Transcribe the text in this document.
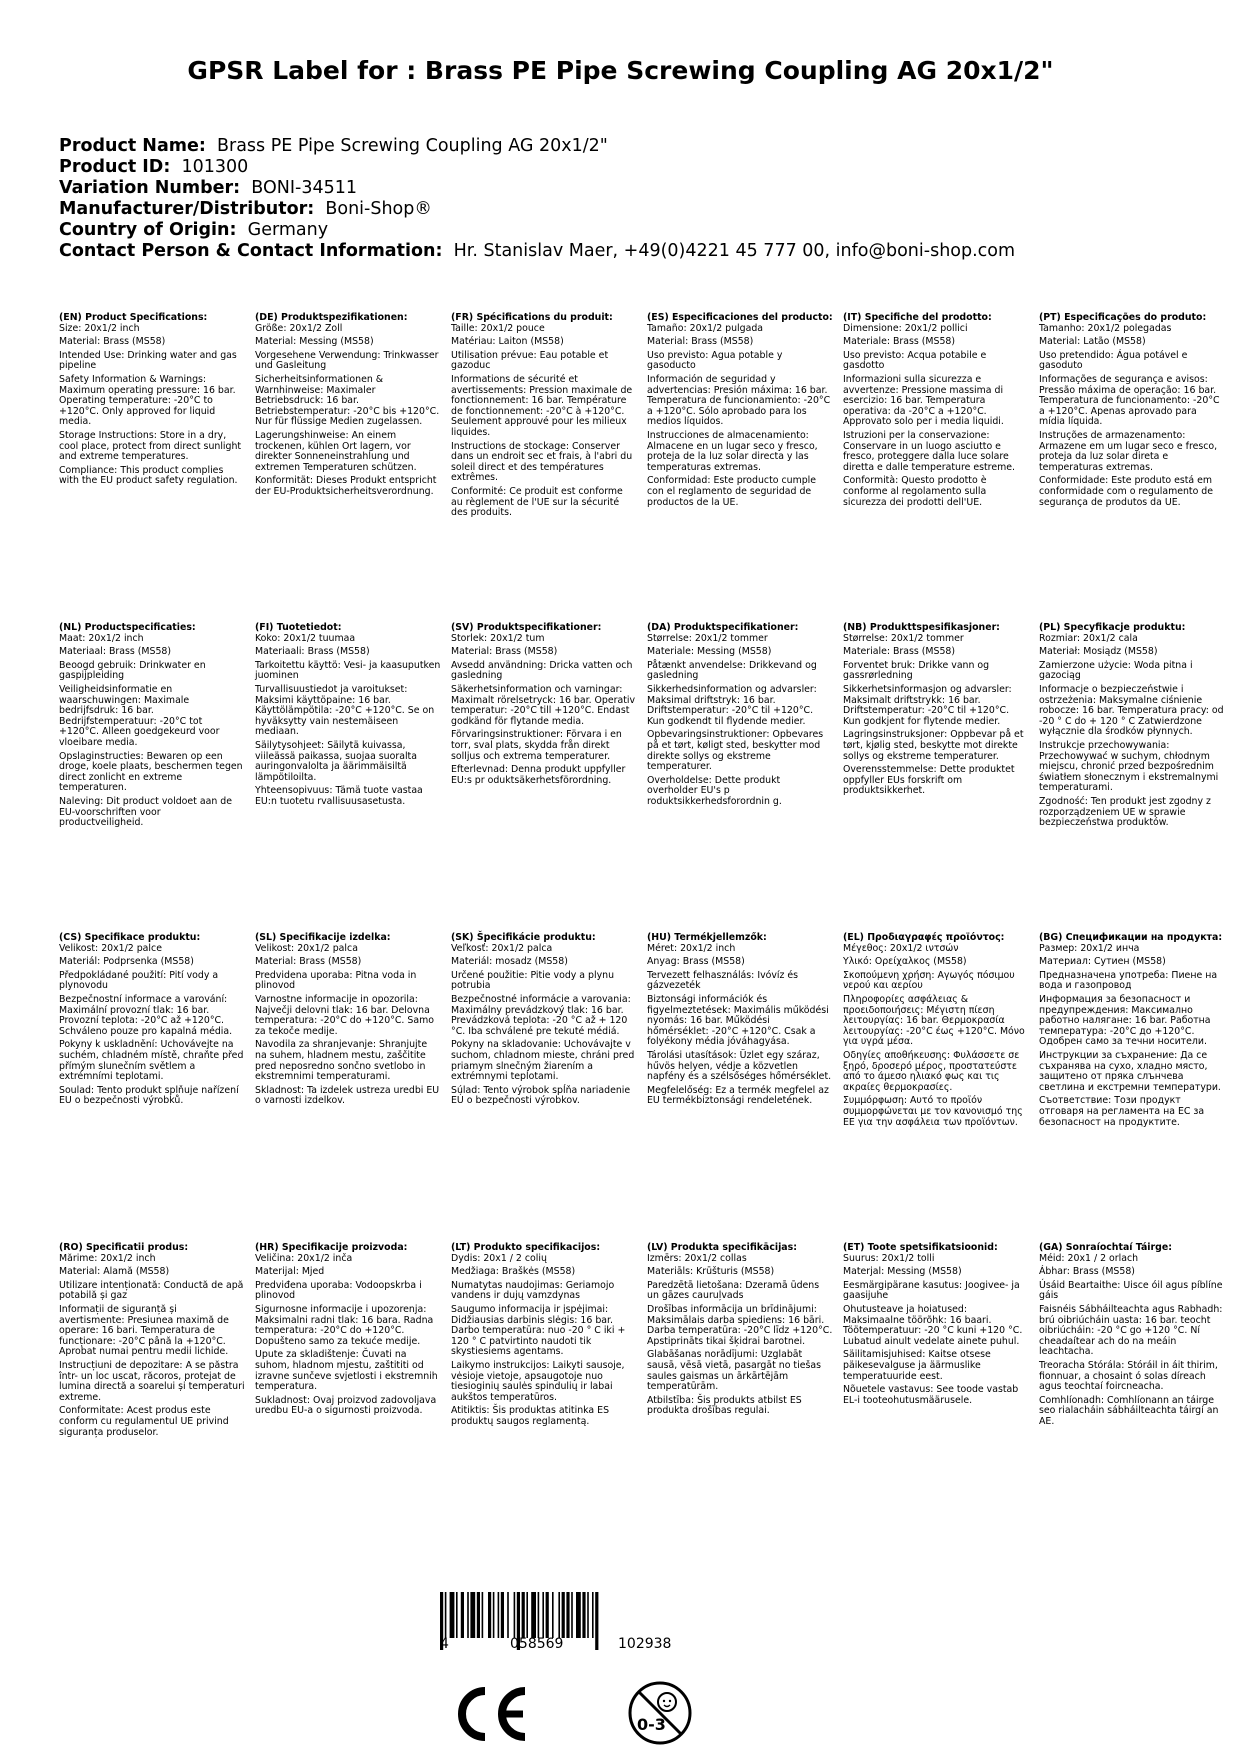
GPSR Label for : Brass PE Pipe Screwing Coupling AG 20x1/2"
Product Name: Brass PE Pipe Screwing Coupling AG 20x1/2"
Product ID: 101300
Variation Number: BONI-34511
Manufacturer/Distributor: Boni-Shop®
Country of Origin: Germany
Contact Person & Contact Information: Hr. Stanislav Maer, +49(0)4221 45 777 00, info@boni-shop.com
(EN) Product Specifications:
Size: 20x1/2 inch
Material: Brass (MS58)
Intended Use: Drinking water and gas pipeline
Safety Information & Warnings: Maximum operating pressure: 16 bar. Operating temperature: -20°C to +120°C. Only approved for liquid media.
Storage Instructions: Store in a dry, cool place, protect from direct sunlight and extreme temperatures.
Compliance: This product complies with the EU product safety regulation.
(DE) Produktspezifikationen:
Größe: 20x1/2 Zoll
Material: Messing (MS58)
Vorgesehene Verwendung: Trinkwasser und Gasleitung
Sicherheitsinformationen & Warnhinweise: Maximaler Betriebsdruck: 16 bar. Betriebstemperatur: -20°C bis +120°C. Nur für flüssige Medien zugelassen.
Lagerungshinweise: An einem trockenen, kühlen Ort lagern, vor direkter Sonneneinstrahlung und extremen Temperaturen schützen.
Konformität: Dieses Produkt entspricht der EU-Produktsicherheitsverordnung.
(FR) Spécifications du produit:
Taille: 20x1/2 pouce
Matériau: Laiton (MS58)
Utilisation prévue: Eau potable et gazoduc
Informations de sécurité et avertissements: Pression maximale de fonctionnement: 16 bar. Température de fonctionnement: -20°C à +120°C. Seulement approuvé pour les milieux liquides.
Instructions de stockage: Conserver dans un endroit sec et frais, à l'abri du soleil direct et des températures extrêmes.
Conformité: Ce produit est conforme au règlement de l'UE sur la sécurité des produits.
(ES) Especificaciones del producto:
Tamaño: 20x1/2 pulgada
Material: Brass (MS58)
Uso previsto: Agua potable y gasoducto
Información de seguridad y advertencias: Presión máxima: 16 bar. Temperatura de funcionamiento: -20°C a +120°C. Sólo aprobado para los medios líquidos.
Instrucciones de almacenamiento: Almacene en un lugar seco y fresco, proteja de la luz solar directa y las temperaturas extremas.
Conformidad: Este producto cumple con el reglamento de seguridad de productos de la UE.
(IT) Specifiche del prodotto:
Dimensione: 20x1/2 pollici
Materiale: Brass (MS58)
Uso previsto: Acqua potabile e gasdotto
Informazioni sulla sicurezza e avvertenze: Pressione massima di esercizio: 16 bar. Temperatura operativa: da -20°C a +120°C. Approvato solo per i media liquidi.
Istruzioni per la conservazione: Conservare in un luogo asciutto e fresco, proteggere dalla luce solare diretta e dalle temperature estreme.
Conformità: Questo prodotto è conforme al regolamento sulla sicurezza dei prodotti dell'UE.
(PT) Especificações do produto:
Tamanho: 20x1/2 polegadas
Material: Latão (MS58)
Uso pretendido: Água potável e gasoduto
Informações de segurança e avisos: Pressão máxima de operação: 16 bar. Temperatura de funcionamento: -20°C a +120°C. Apenas aprovado para mídia líquida.
Instruções de armazenamento: Armazene em um lugar seco e fresco, proteja da luz solar direta e temperaturas extremas.
Conformidade: Este produto está em conformidade com o regulamento de segurança de produtos da UE.
(NL) Productspecificaties:
Maat: 20x1/2 inch
Materiaal: Brass (MS58)
Beoogd gebruik: Drinkwater en gaspijpleiding
Veiligheidsinformatie en waarschuwingen: Maximale bedrijfsdruk: 16 bar. Bedrijfstemperatuur: -20°C tot +120°C. Alleen goedgekeurd voor vloeibare media.
Opslaginstructies: Bewaren op een droge, koele plaats, beschermen tegen direct zonlicht en extreme temperaturen.
Naleving: Dit product voldoet aan de EU-voorschriften voor productveiligheid.
(FI) Tuotetiedot:
Koko: 20x1/2 tuumaa
Materiaali: Brass (MS58)
Tarkoitettu käyttö: Vesi- ja kaasuputken juominen
Turvallisuustiedot ja varoitukset: Maksimi käyttöpaine: 16 bar. Käyttölämpötila: -20°C +120°C. Se on hyväksytty vain nestemäiseen mediaan.
Säilytysohjeet: Säilytä kuivassa, viileässä paikassa, suojaa suoralta auringonvalolta ja äärimmäisiltä lämpötiloilta.
Yhteensopivuus: Tämä tuote vastaa EU:n tuotetu rvallisuusasetusta.
(SV) Produktspecifikationer:
Storlek: 20x1/2 tum
Material: Brass (MS58)
Avsedd användning: Dricka vatten och gasledning
Säkerhetsinformation och varningar: Maximalt rörelsetryck: 16 bar. Operativ temperatur: -20°C till +120°C. Endast godkänd för flytande media.
Förvaringsinstruktioner: Förvara i en torr, sval plats, skydda från direkt solljus och extrema temperaturer.
Efterlevnad: Denna produkt uppfyller EU:s pr oduktsäkerhetsförordning.
(DA) Produktspecifikationer:
Størrelse: 20x1/2 tommer
Materiale: Messing (MS58)
Påtænkt anvendelse: Drikkevand og gasledning
Sikkerhedsinformation og advarsler: Maksimal driftstryk: 16 bar. Driftstemperatur: -20°C til +120°C. Kun godkendt til flydende medier.
Opbevaringsinstruktioner: Opbevares på et tørt, køligt sted, beskytter mod direkte sollys og ekstreme temperaturer.
Overholdelse: Dette produkt overholder EU's p roduktsikkerhedsforordnin g.
(NB) Produkttspesifikasjoner:
Størrelse: 20x1/2 tommer
Materiale: Brass (MS58)
Forventet bruk: Drikke vann og gassrørledning
Sikkerhetsinformasjon og advarsler: Maksimalt driftstrykk: 16 bar. Driftstemperatur: -20°C til +120°C. Kun godkjent for flytende medier.
Lagringsinstruksjoner: Oppbevar på et tørt, kjølig sted, beskytte mot direkte sollys og ekstreme temperaturer.
Overensstemmelse: Dette produktet oppfyller EUs forskrift om produktsikkerhet.
(PL) Specyfikacje produktu:
Rozmiar: 20x1/2 cala
Materiał: Mosiądz (MS58)
Zamierzone użycie: Woda pitna i gazociąg
Informacje o bezpieczeństwie i ostrzeżenia: Maksymalne ciśnienie robocze: 16 bar. Temperatura pracy: od -20 ° C do + 120 ° C Zatwierdzone wyłącznie dla środków płynnych.
Instrukcje przechowywania: Przechowywać w suchym, chłodnym miejscu, chronić przed bezpośrednim światłem słonecznym i ekstremalnymi temperaturami.
Zgodność: Ten produkt jest zgodny z rozporządzeniem UE w sprawie bezpieczeństwa produktów.
(CS) Specifikace produktu:
Velikost: 20x1/2 palce
Materiál: Podprsenka (MS58)
Předpokládané použití: Pití vody a plynovodu
Bezpečnostní informace a varování: Maximální provozní tlak: 16 bar. Provozní teplota: -20°C až +120°C. Schváleno pouze pro kapalná média.
Pokyny k uskladnění: Uchovávejte na suchém, chladném místě, chraňte před přímým slunečním světlem a extrémními teplotami.
Soulad: Tento produkt splňuje nařízení EU o bezpečnosti výrobků.
(SL) Specifikacije izdelka:
Velikost: 20x1/2 palca
Material: Brass (MS58)
Predvidena uporaba: Pitna voda in plinovod
Varnostne informacije in opozorila: Največji delovni tlak: 16 bar. Delovna temperatura: -20°C do +120°C. Samo za tekoče medije.
Navodila za shranjevanje: Shranjujte na suhem, hladnem mestu, zaščitite pred neposredno sončno svetlobo in ekstremnimi temperaturami.
Skladnost: Ta izdelek ustreza uredbi EU o varnosti izdelkov.
(SK) Špecifikácie produktu:
Veľkosť: 20x1/2 palca
Materiál: mosadz (MS58)
Určené použitie: Pitie vody a plynu potrubia
Bezpečnostné informácie a varovania: Maximálny prevádzkový tlak: 16 bar. Prevádzková teplota: -20 °C až + 120 °C. Iba schválené pre tekuté médiá.
Pokyny na skladovanie: Uchovávajte v suchom, chladnom mieste, chráni pred priamym slnečným žiarením a extrémnymi teplotami.
Súlad: Tento výrobok spĺňa nariadenie EÚ o bezpečnosti výrobkov.
(HU) Termékjellemzők:
Méret: 20x1/2 inch
Anyag: Brass (MS58)
Tervezett felhasználás: Ivóvíz és gázvezeték
Biztonsági információk és figyelmeztetések: Maximális működési nyomás: 16 bar. Működési hőmérséklet: -20°C +120°C. Csak a folyékony média jóváhagyása.
Tárolási utasítások: Üzlet egy száraz, hűvös helyen, védje a közvetlen napfény és a szélsőséges hőmérséklet.
Megfelelőség: Ez a termék megfelel az EU termékbiztonsági rendeletének.
(EL) Προδιαγραφές προϊόντος:
Μέγεθος: 20x1/2 ιντσών
Υλικό: Ορείχαλκος (MS58)
Σκοπούμενη χρήση: Αγωγός πόσιμου νερού και αερίου
Πληροφορίες ασφάλειας & προειδοποιήσεις: Μέγιστη πίεση λειτουργίας: 16 bar. Θερμοκρασία λειτουργίας: -20°C έως +120°C. Μόνο για υγρά μέσα.
Οδηγίες αποθήκευσης: Φυλάσσετε σε ξηρό, δροσερό μέρος, προστατεύστε από το άμεσο ηλιακό φως και τις ακραίες θερμοκρασίες.
Συμμόρφωση: Αυτό το προϊόν συμμορφώνεται με τον κανονισμό της ΕΕ για την ασφάλεια των προϊόντων.
(BG) Спецификации на продукта:
Размер: 20x1/2 инча
Материал: Сутиен (MS58)
Предназначена употреба: Пиене на вода и газопровод
Информация за безопасност и предупреждения: Максимално работно налягане: 16 bar. Работна температура: -20°C до +120°C. Одобрен само за течни носители.
Инструкции за съхранение: Да се съхранява на сухо, хладно място, защитено от пряка слънчева светлина и екстремни температури.
Съответствие: Този продукт отговаря на регламента на ЕС за безопасност на продуктите.
(RO) Specificatii produs:
Mărime: 20x1/2 inch
Material: Alamă (MS58)
Utilizare intenționată: Conductă de apă potabilă și gaz
Informații de siguranță și avertismente: Presiunea maximă de operare: 16 bari. Temperatura de funcționare: -20°C până la +120°C. Aprobat numai pentru medii lichide.
Instrucțiuni de depozitare: A se păstra într- un loc uscat, răcoros, protejat de lumina directă a soarelui și temperaturi extreme.
Conformitate: Acest produs este conform cu regulamentul UE privind siguranța produselor.
(HR) Specifikacije proizvoda:
Veličina: 20x1/2 inča
Materijal: Mjed
Predviđena uporaba: Vodoopskrba i plinovod
Sigurnosne informacije i upozorenja: Maksimalni radni tlak: 16 bara. Radna temperatura: -20°C do +120°C. Dopušteno samo za tekuće medije.
Upute za skladištenje: Čuvati na suhom, hladnom mjestu, zaštititi od izravne sunčeve svjetlosti i ekstremnih temperatura.
Sukladnost: Ovaj proizvod zadovoljava uredbu EU-a o sigurnosti proizvoda.
(LT) Produkto specifikacijos:
Dydis: 20x1 / 2 colių
Medžiaga: Braškės (MS58)
Numatytas naudojimas: Geriamojo vandens ir dujų vamzdynas
Saugumo informacija ir įspėjimai: Didžiausias darbinis slėgis: 16 bar. Darbo temperatūra: nuo -20 ° C iki + 120 ° C patvirtinto naudoti tik skystiesiems agentams.
Laikymo instrukcijos: Laikyti sausoje, vėsioje vietoje, apsaugotoje nuo tiesioginių saulės spindulių ir labai aukštos temperatūros.
Atitiktis: Šis produktas atitinka ES produktų saugos reglamentą.
(LV) Produkta specifikācijas:
Izmērs: 20x1/2 collas
Materiāls: Krūšturis (MS58)
Paredzētā lietošana: Dzeramā ūdens un gāzes cauruļvads
Drošības informācija un brīdinājumi: Maksimālais darba spiediens: 16 bāri. Darba temperatūra: -20°C līdz +120°C. Apstiprināts tikai šķidrai barotnei.
Glabāšanas norādījumi: Uzglabāt sausā, vēsā vietā, pasargāt no tiešas saules gaismas un ārkārtējām temperatūrām.
Atbilstība: Šis produkts atbilst ES produkta drošības regulai.
(ET) Toote spetsifikatsioonid:
Suurus: 20x1/2 tolli
Materjal: Messing (MS58)
Eesmärgipärane kasutus: Joogivee- ja gaasijuhe
Ohutusteave ja hoiatused: Maksimaalne töörõhk: 16 baari. Töötemperatuur: -20 °C kuni +120 °C. Lubatud ainult vedelate ainete puhul.
Säilitamisjuhised: Kaitse otsese päikesevalguse ja äärmuslike temperatuuride eest.
Nõuetele vastavus: See toode vastab EL-i tooteohutusmäärusele.
(GA) Sonraíochtaí Táirge:
Méid: 20x1 / 2 orlach
Ábhar: Brass (MS58)
Úsáid Beartaithe: Uisce óil agus píblíne gáis
Faisnéis Sábháilteachta agus Rabhadh: brú oibriúcháin uasta: 16 bar. teocht oibriúcháin: -20 °C go +120 °C. Ní cheadaítear ach do na meáin leachtacha.
Treoracha Stórála: Stóráil in áit thirim, fionnuar, a chosaint ó solas díreach agus teochtaí foircneacha.
Comhlíonadh: Comhlíonann an táirge seo rialacháin sábháilteachta táirgí an AE.
4	058569	102938
0-3
